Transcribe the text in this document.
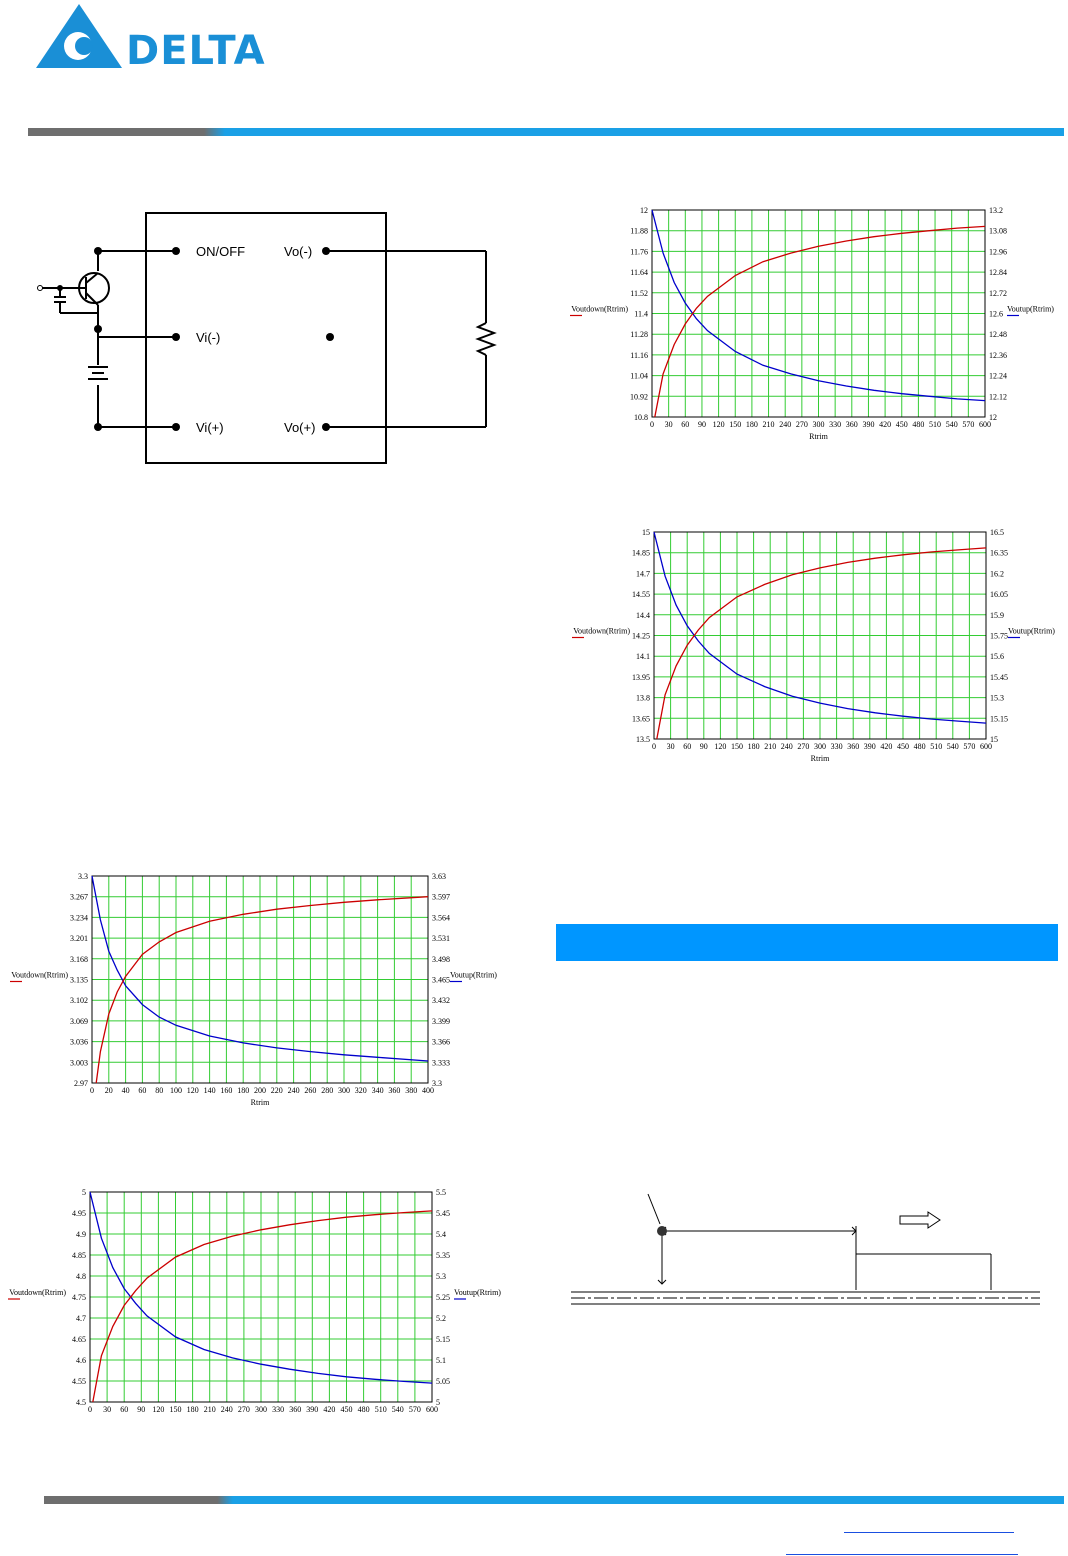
DELTA
ON/OFF
Vi(-)
Vi(+)
Vo(-)
Vo(+)	0 30 60 90 120 150 180 210 240 270 300 330 360 390 420 450 480 510 540 570 600
12
11.88
11.76
11.64
11.52
11.4
11.28
11.16
11.04
10.92
10.8
13.2
13.08
12.96
12.84
12.72
12.6
12.48
12.36
12.24
12.12
12
Voutdown(Rtrim)	Voutup(Rtrim)
Rtrim
0 30 60 90 120 150 180 210 240 270 300 330 360 390 420 450 480 510 540 570 600
15
14.85
14.7
14.55
14.4
14.25
14.1
13.95
13.8
13.65
13.5
16.5
16.35
16.2
16.05
15.9
15.75
15.6
15.45
15.3
15.15
15
Voutdown(Rtrim)	Voutup(Rtrim)
Rtrim
0 20 40 60 80 100 120 140 160 180 200 220 240 260 280 300 320 340 360 380 400
3.3
3.267
3.234
3.201
3.168
3.135
3.102
3.069
3.036
3.003
2.97
3.63
3.597
3.564
3.531
3.498
3.465
3.432
3.399
3.366
3.333
3.3
Voutdown(Rtrim)	Voutup(Rtrim)
Rtrim
0 30 60 90 120 150 180 210 240 270 300 330 360 390 420 450 480 510 540 570 600
5
4.95
4.9
4.85
4.8
4.75
4.7
4.65
4.6
4.55
4.5
5.5
5.45
5.4
5.35
5.3
5.25
5.2
5.15
5.1
5.05
5
Voutdown(Rtrim)	Voutup(Rtrim)
